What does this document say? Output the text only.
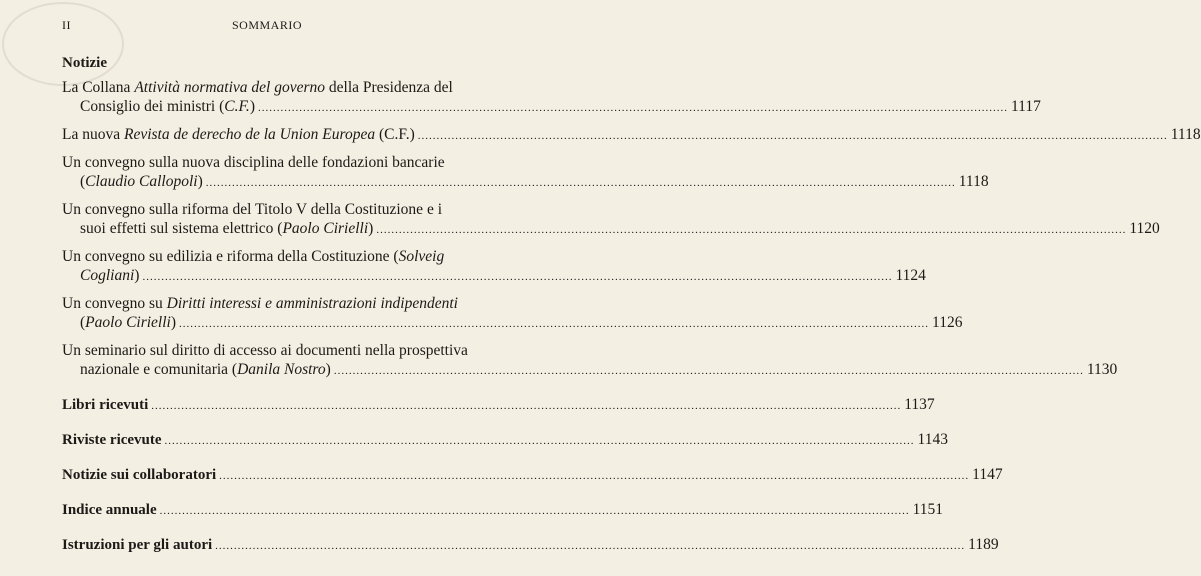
II	SOMMARIO
Notizie
La Collana Attività normativa del governo della Presidenza del
Consiglio dei ministri (C.F.) ........................................................................................................................................................................................................ 1117
La nuova Revista de derecho de la Union Europea (C.F.) ........................................................................................................................................................................................................ 1118
Un convegno sulla nuova disciplina delle fondazioni bancarie
(Claudio Callopoli) ........................................................................................................................................................................................................ 1118
Un convegno sulla riforma del Titolo V della Costituzione e i
suoi effetti sul sistema elettrico (Paolo Cirielli) ........................................................................................................................................................................................................ 1120
Un convegno su edilizia e riforma della Costituzione (Solveig
Cogliani) ........................................................................................................................................................................................................ 1124
Un convegno su Diritti interessi e amministrazioni indipendenti
(Paolo Cirielli) ........................................................................................................................................................................................................ 1126
Un seminario sul diritto di accesso ai documenti nella prospettiva
nazionale e comunitaria (Danila Nostro) ........................................................................................................................................................................................................ 1130
Libri ricevuti ........................................................................................................................................................................................................ 1137
Riviste ricevute ........................................................................................................................................................................................................ 1143
Notizie sui collaboratori ........................................................................................................................................................................................................ 1147
Indice annuale ........................................................................................................................................................................................................ 1151
Istruzioni per gli autori ........................................................................................................................................................................................................ 1189
